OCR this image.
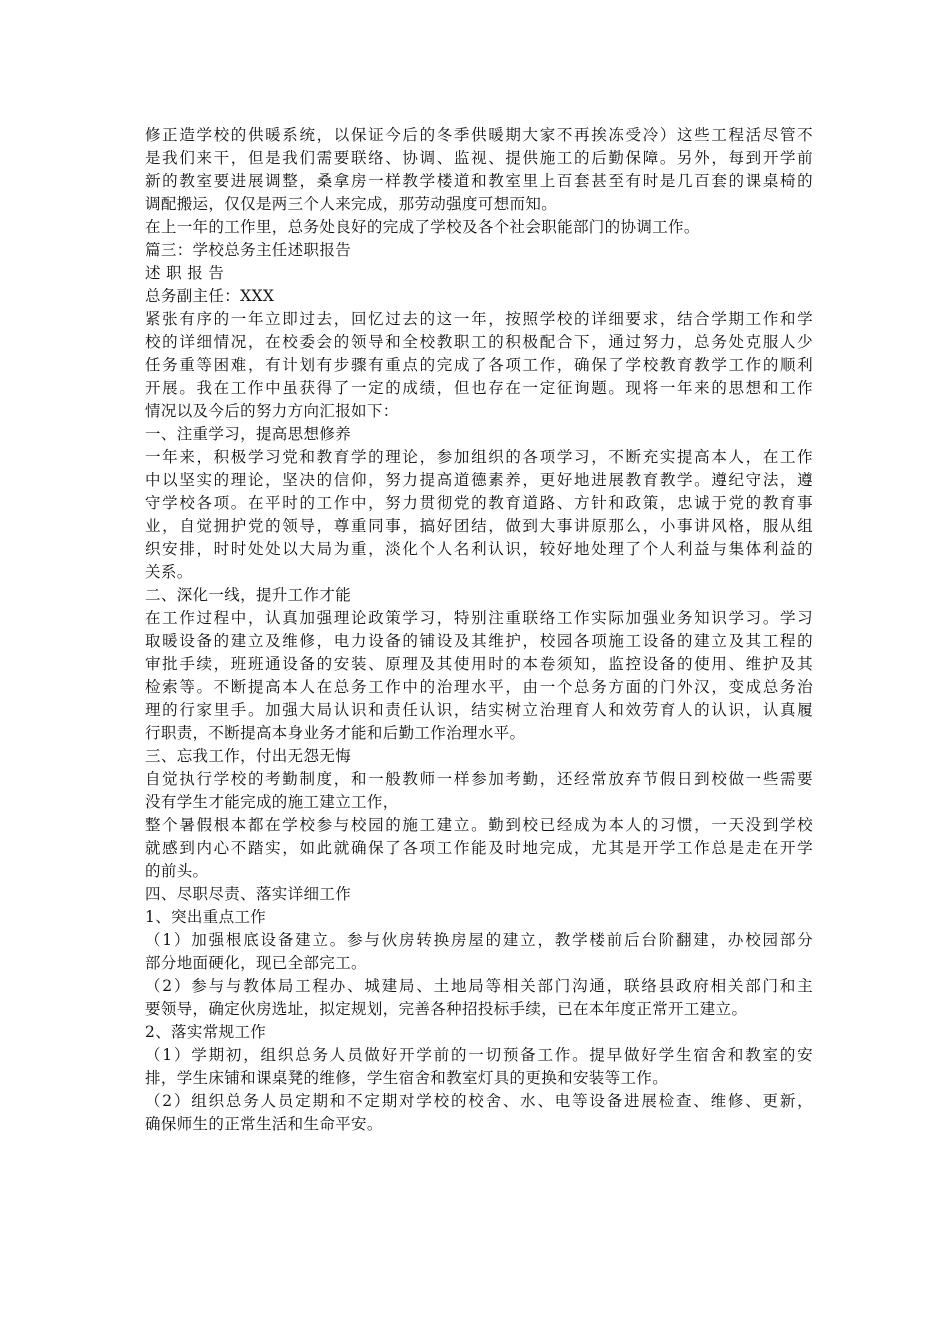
修正造学校的供暖系统，以保证今后的冬季供暖期大家不再挨冻受冷）这些工程活尽管不
是我们来干，但是我们需要联络、协调、监视、提供施工的后勤保障。另外，每到开学前
新的教室要进展调整，桑拿房一样教学楼道和教室里上百套甚至有时是几百套的课桌椅的
调配搬运，仅仅是两三个人来完成，那劳动强度可想而知。
在上一年的工作里，总务处良好的完成了学校及各个社会职能部门的协调工作。
篇三：学校总务主任述职报告
述 职 报 告
总务副主任：XXX
紧张有序的一年立即过去，回忆过去的这一年，按照学校的详细要求，结合学期工作和学
校的详细情况，在校委会的领导和全校教职工的积极配合下，通过努力，总务处克服人少
任务重等困难，有计划有步骤有重点的完成了各项工作，确保了学校教育教学工作的顺利
开展。我在工作中虽获得了一定的成绩，但也存在一定征询题。现将一年来的思想和工作
情况以及今后的努力方向汇报如下：
一、注重学习，提高思想修养
一年来，积极学习党和教育学的理论，参加组织的各项学习，不断充实提高本人，在工作
中以坚实的理论，坚决的信仰，努力提高道德素养，更好地进展教育教学。遵纪守法，遵
守学校各项。在平时的工作中，努力贯彻党的教育道路、方针和政策，忠诚于党的教育事
业，自觉拥护党的领导，尊重同事，搞好团结，做到大事讲原那么，小事讲风格，服从组
织安排，时时处处以大局为重，淡化个人名利认识，较好地处理了个人利益与集体利益的
关系。
二、深化一线，提升工作才能
在工作过程中，认真加强理论政策学习，特别注重联络工作实际加强业务知识学习。学习
取暖设备的建立及维修，电力设备的铺设及其维护，校园各项施工设备的建立及其工程的
审批手续，班班通设备的安装、原理及其使用时的本卷须知，监控设备的使用、维护及其
检索等。不断提高本人在总务工作中的治理水平，由一个总务方面的门外汉，变成总务治
理的行家里手。加强大局认识和责任认识，结实树立治理育人和效劳育人的认识，认真履
行职责，不断提高本身业务才能和后勤工作治理水平。
三、忘我工作，付出无怨无悔
自觉执行学校的考勤制度，和一般教师一样参加考勤，还经常放弃节假日到校做一些需要
没有学生才能完成的施工建立工作，
整个暑假根本都在学校参与校园的施工建立。勤到校已经成为本人的习惯，一天没到学校
就感到内心不踏实，如此就确保了各项工作能及时地完成，尤其是开学工作总是走在开学
的前头。
四、尽职尽责、落实详细工作
1、突出重点工作
（1）加强根底设备建立。参与伙房转换房屋的建立，教学楼前后台阶翻建，办校园部分
部分地面硬化，现已全部完工。
（2）参与与教体局工程办、城建局、土地局等相关部门沟通，联络县政府相关部门和主
要领导，确定伙房选址，拟定规划，完善各种招投标手续，已在本年度正常开工建立。
2、落实常规工作
（1）学期初，组织总务人员做好开学前的一切预备工作。提早做好学生宿舍和教室的安
排，学生床铺和课桌凳的维修，学生宿舍和教室灯具的更换和安装等工作。
（2）组织总务人员定期和不定期对学校的校舍、水、电等设备进展检查、维修、更新，
确保师生的正常生活和生命平安。
